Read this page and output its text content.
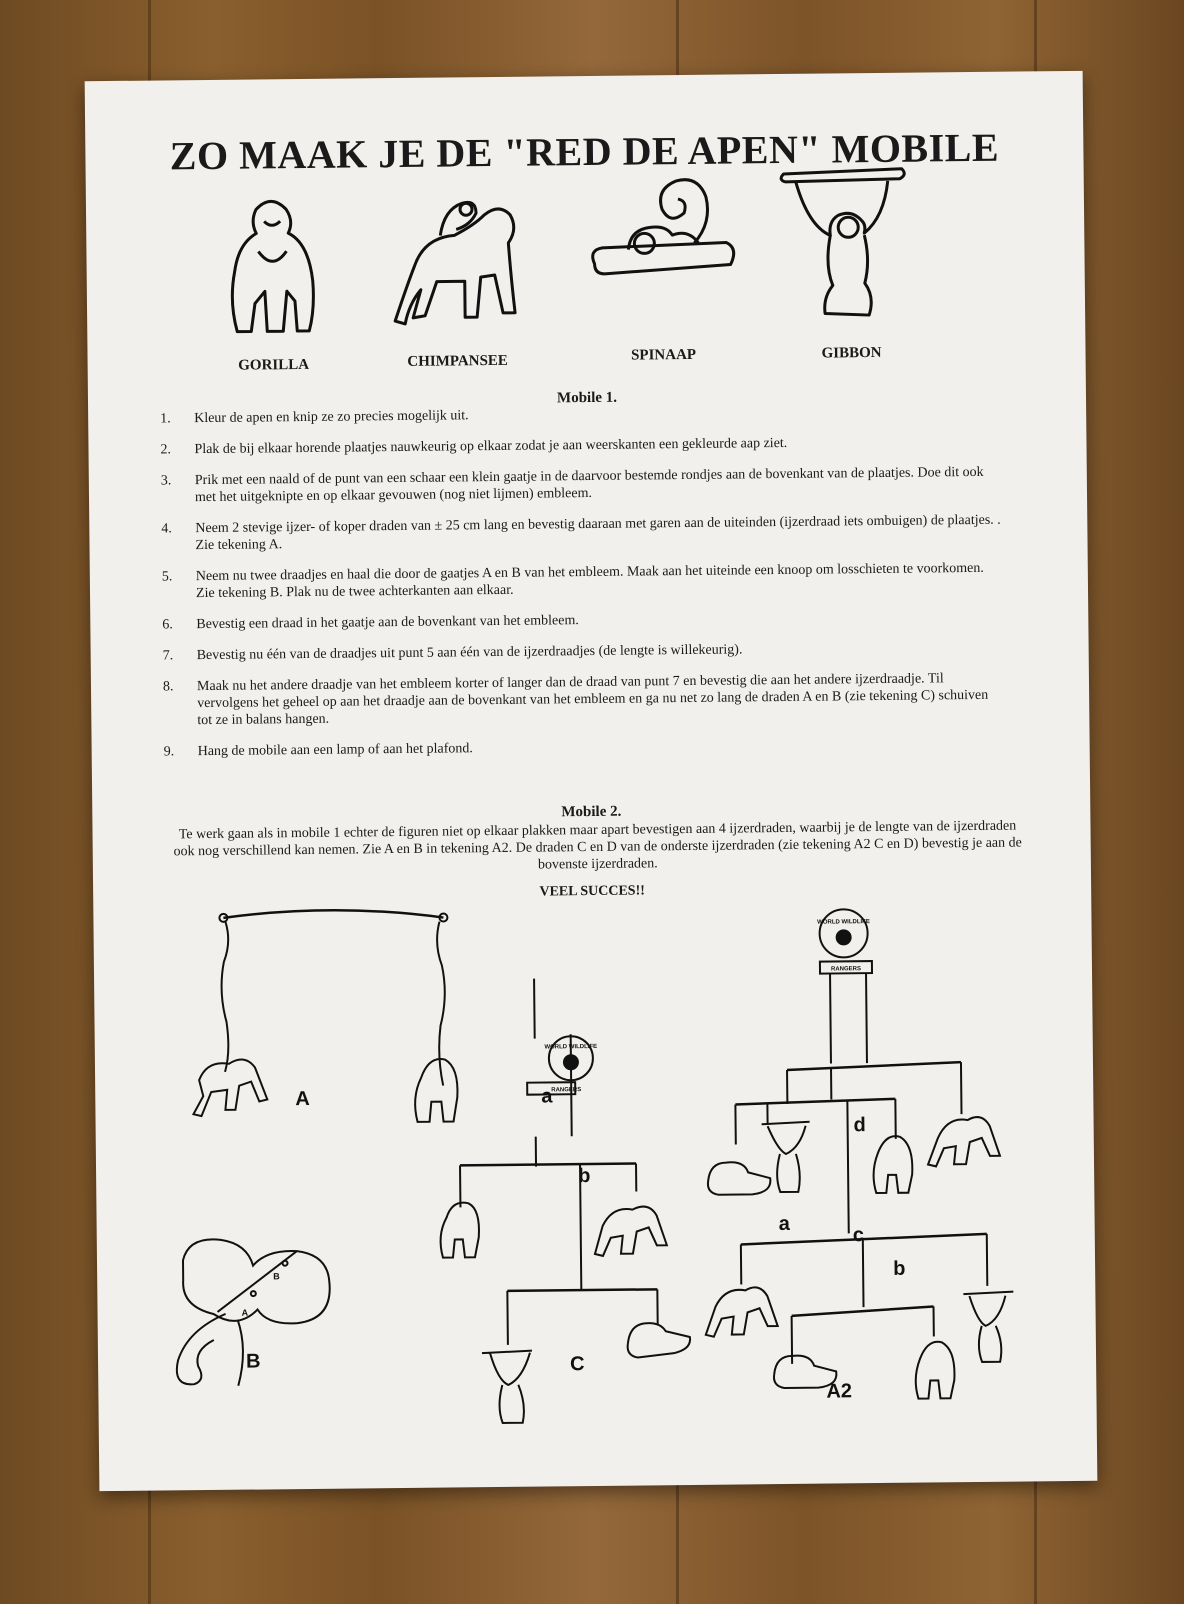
ZO MAAK JE DE "RED DE APEN" MOBILE
GORILLA	CHIMPANSEE	SPINAAP	GIBBON
Mobile 1.
1. Kleur de apen en knip ze zo precies mogelijk uit.
2. Plak de bij elkaar horende plaatjes nauwkeurig op elkaar zodat je aan weerskanten een gekleurde aap ziet.
3. Prik met een naald of de punt van een schaar een klein gaatje in de daarvoor bestemde rondjes aan de bovenkant van de plaatjes. Doe dit ook met het uitgeknipte en op elkaar gevouwen (nog niet lijmen) embleem.
4. Neem 2 stevige ijzer- of koper draden van ± 25 cm lang en bevestig daaraan met garen aan de uiteinden (ijzerdraad iets ombuigen) de plaatjes. . Zie tekening A.
5. Neem nu twee draadjes en haal die door de gaatjes A en B van het embleem. Maak aan het uiteinde een knoop om losschieten te voorkomen. Zie tekening B. Plak nu de twee achterkanten aan elkaar.
6. Bevestig een draad in het gaatje aan de bovenkant van het embleem.
7. Bevestig nu één van de draadjes uit punt 5 aan één van de ijzerdraadjes (de lengte is willekeurig).
8. Maak nu het andere draadje van het embleem korter of langer dan de draad van punt 7 en bevestig die aan het andere ijzerdraadje. Til vervolgens het geheel op aan het draadje aan de bovenkant van het embleem en ga nu net zo lang de draden A en B (zie tekening C) schuiven tot ze in balans hangen.
9. Hang de mobile aan een lamp of aan het plafond.
Mobile 2.
Te werk gaan als in mobile 1 echter de figuren niet op elkaar plakken maar apart bevestigen aan 4 ijzerdraden, waarbij je de lengte van de ijzerdraden ook nog verschillend kan nemen. Zie A en B in tekening A2. De draden C en D van de onderste ijzerdraden (zie tekening A2 C en D) bevestig je aan de bovenste ijzerdraden.
VEEL SUCCES!!
A
B	C
A2
a
b
a
c
b
d
B
A
WORLD WILDLIFE
RANGERS
WORLD WILDLIFE
RANGERS
